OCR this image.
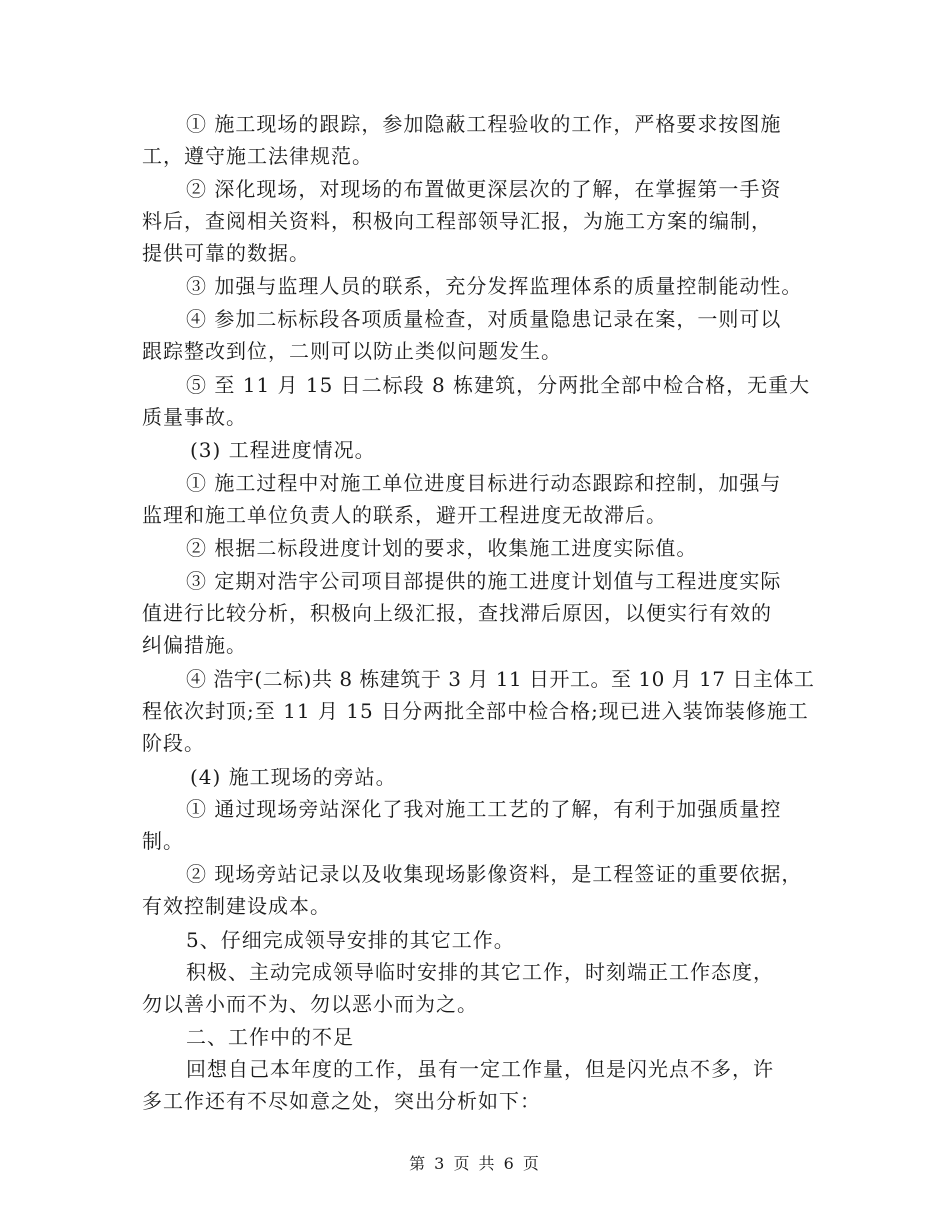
① 施工现场的跟踪，参加隐蔽工程验收的工作，严格要求按图施
工，遵守施工法律规范。
② 深化现场，对现场的布置做更深层次的了解，在掌握第一手资
料后，查阅相关资料，积极向工程部领导汇报，为施工方案的编制，
提供可靠的数据。
③ 加强与监理人员的联系，充分发挥监理体系的质量控制能动性。
④ 参加二标标段各项质量检查，对质量隐患记录在案，一则可以
跟踪整改到位，二则可以防止类似问题发生。
⑤ 至 11 月 15 日二标段 8 栋建筑，分两批全部中检合格，无重大
质量事故。
(3) 工程进度情况。
① 施工过程中对施工单位进度目标进行动态跟踪和控制，加强与
监理和施工单位负责人的联系，避开工程进度无故滞后。
② 根据二标段进度计划的要求，收集施工进度实际值。
③ 定期对浩宇公司项目部提供的施工进度计划值与工程进度实际
值进行比较分析，积极向上级汇报，查找滞后原因，以便实行有效的
纠偏措施。
④ 浩宇(二标)共 8 栋建筑于 3 月 11 日开工。至 10 月 17 日主体工
程依次封顶;至 11 月 15 日分两批全部中检合格;现已进入装饰装修施工
阶段。
(4) 施工现场的旁站。
① 通过现场旁站深化了我对施工工艺的了解，有利于加强质量控
制。
② 现场旁站记录以及收集现场影像资料，是工程签证的重要依据，
有效控制建设成本。
5、仔细完成领导安排的其它工作。
积极、主动完成领导临时安排的其它工作，时刻端正工作态度，
勿以善小而不为、勿以恶小而为之。
二、工作中的不足
回想自己本年度的工作，虽有一定工作量，但是闪光点不多，许
多工作还有不尽如意之处，突出分析如下：
第 3 页 共 6 页
